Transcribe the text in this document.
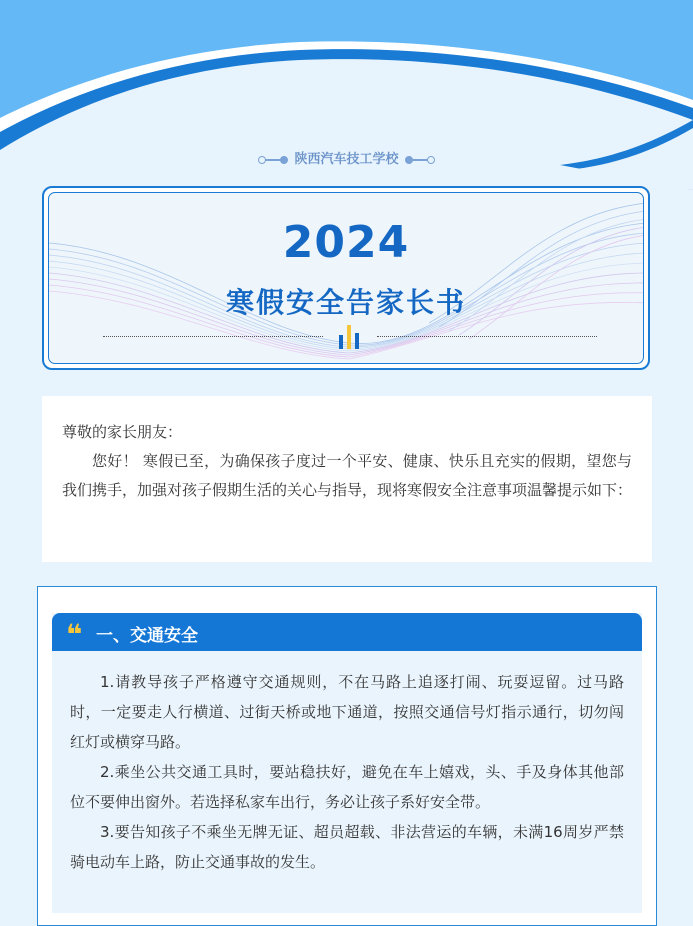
陕西汽车技工学校
2024
寒假安全告家长书

尊敬的家长朋友：

您好！ 寒假已至，为确保孩子度过一个平安、健康、快乐且充实的假期，望您与我们携手，加强对孩子假期生活的关心与指导，现将寒假安全注意事项温馨提示如下：

❝ 一、交通安全

1.请教导孩子严格遵守交通规则，不在马路上追逐打闹、玩耍逗留。过马路时，一定要走人行横道、过街天桥或地下通道，按照交通信号灯指示通行，切勿闯红灯或横穿马路。

2.乘坐公共交通工具时，要站稳扶好，避免在车上嬉戏，头、手及身体其他部位不要伸出窗外。若选择私家车出行，务必让孩子系好安全带。

3.要告知孩子不乘坐无牌无证、超员超载、非法营运的车辆，未满16周岁严禁骑电动车上路，防止交通事故的发生。
